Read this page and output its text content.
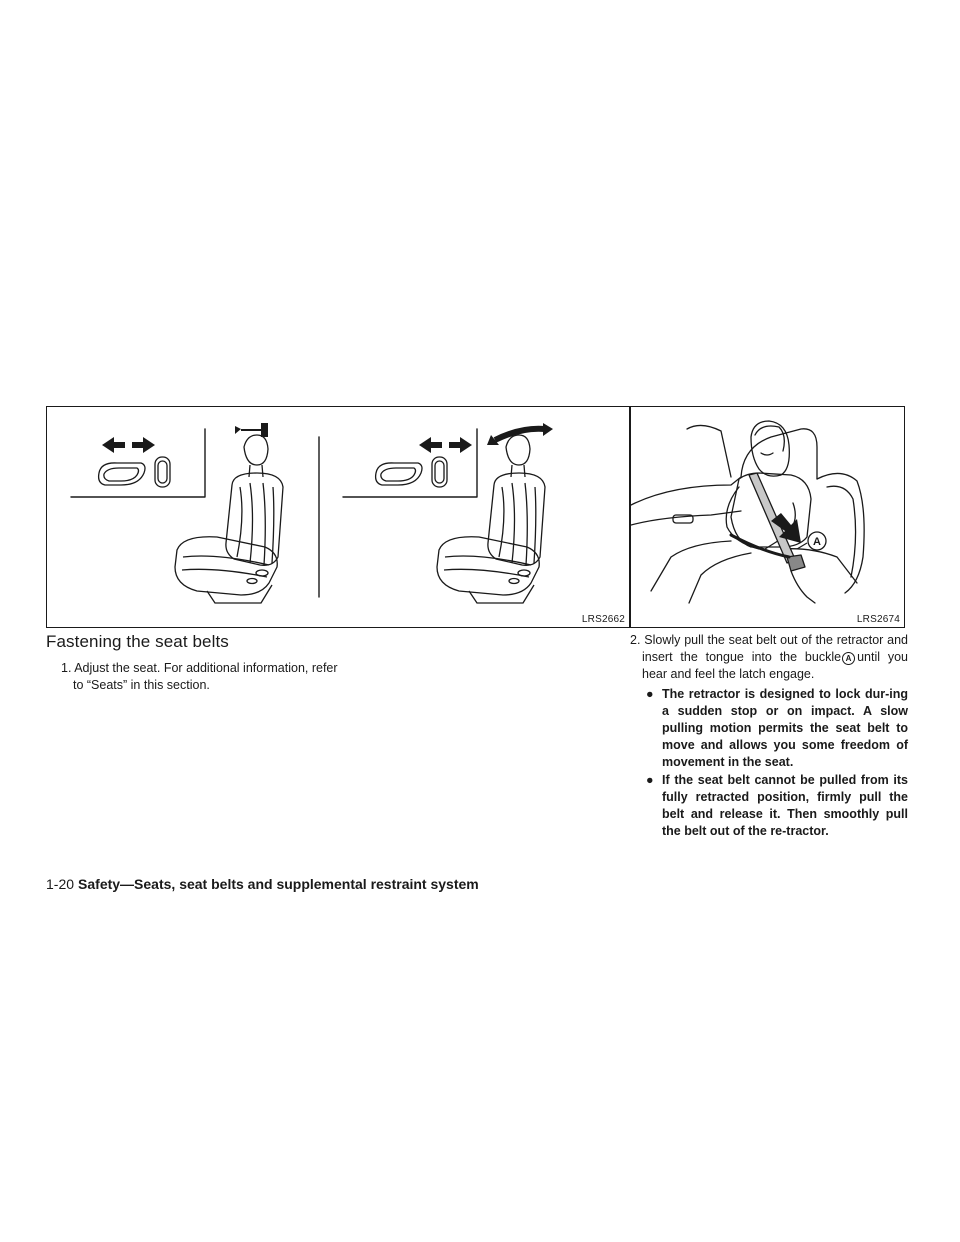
LRS2662
A
LRS2674
Fastening the seat belts

1. Adjust the seat. For additional information, refer to “Seats” in this section.

2. Slowly pull the seat belt out of the retractor and insert the tongue into the buckle A until you hear and feel the latch engage.

● The retractor is designed to lock dur-ing a sudden stop or on impact. A slow pulling motion permits the seat belt to move and allows you some freedom of movement in the seat.

● If the seat belt cannot be pulled from its fully retracted position, firmly pull the belt and release it. Then smoothly pull the belt out of the re-tractor.

1-20 Safety—Seats, seat belts and supplemental restraint system
